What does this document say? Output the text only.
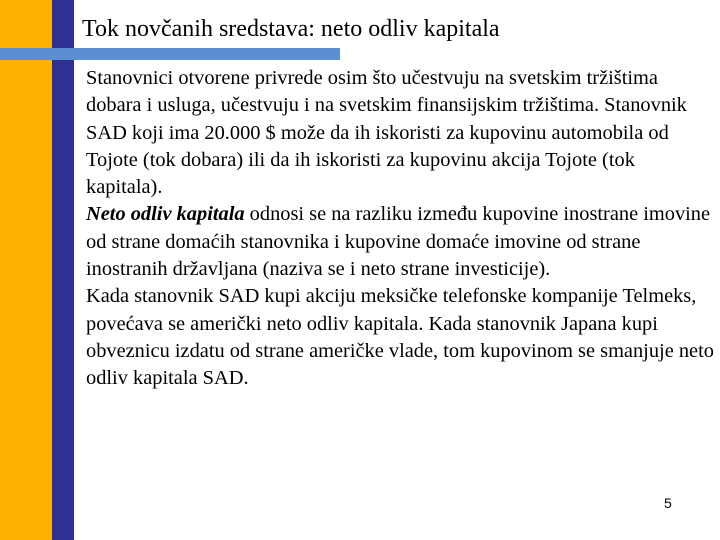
Tok novčanih sredstava: neto odliv kapitala

Stanovnici otvorene privrede osim što učestvuju na svetskim tržištima dobara i usluga, učestvuju i na svetskim finansijskim tržištima. Stanovnik SAD koji ima 20.000 $ može da ih iskoristi za kupovinu automobila od Tojote (tok dobara) ili da ih iskoristi za kupovinu akcija Tojote (tok kapitala).

Neto odliv kapitala odnosi se na razliku između kupovine inostrane imovine od strane domaćih stanovnika i kupovine domaće imovine od strane inostranih državljana (naziva se i neto strane investicije).

Kada stanovnik SAD kupi akciju meksičke telefonske kompanije Telmeks, povećava se američki neto odliv kapitala. Kada stanovnik Japana kupi obveznicu izdatu od strane američke vlade, tom kupovinom se smanjuje neto odliv kapitala SAD.

5
